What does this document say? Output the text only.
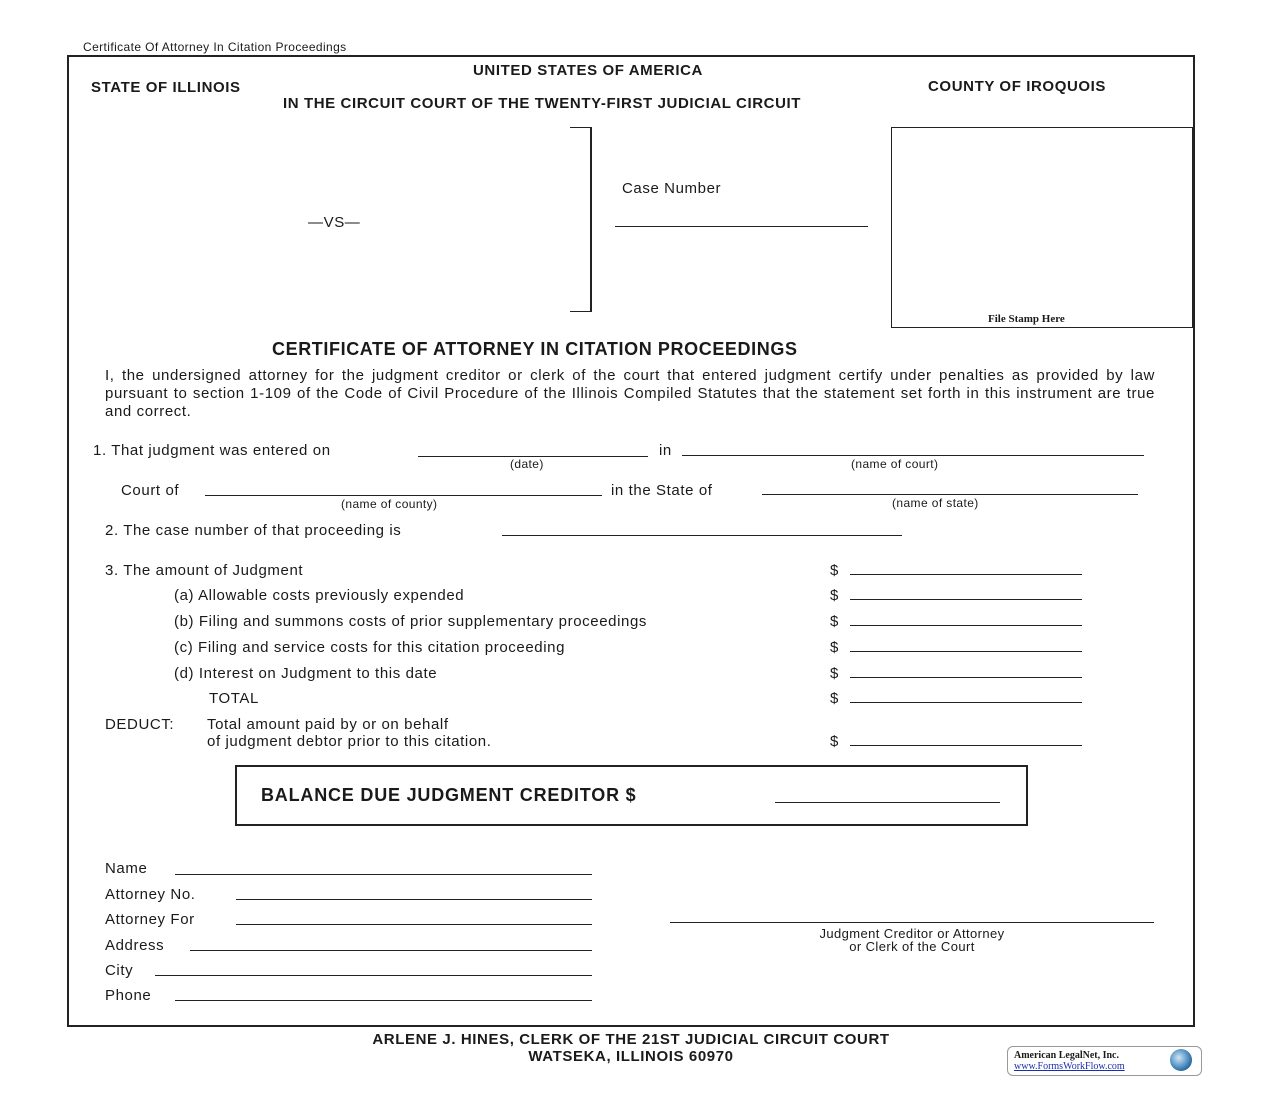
Certificate Of Attorney In Citation Proceedings
UNITED STATES OF AMERICA
STATE OF ILLINOIS	COUNTY OF IROQUOIS
IN THE CIRCUIT COURT OF THE TWENTY-FIRST JUDICIAL CIRCUIT
—VS—
Case Number
File Stamp Here
CERTIFICATE OF ATTORNEY IN CITATION PROCEEDINGS
I, the undersigned attorney for the judgment creditor or clerk of the court that entered judgment certify under penalties as provided by law pursuant to section 1-109 of the Code of Civil Procedure of the Illinois Compiled Statutes that the statement set forth in this instrument are true and correct.
1. That judgment was entered on
(date)
in
(name of court)
Court of
(name of county)
in the State of
(name of state)
2. The case number of that proceeding is
3. The amount of Judgment	$
(a) Allowable costs previously expended	$
(b) Filing and summons costs of prior supplementary proceedings	$
(c) Filing and service costs for this citation proceeding	$
(d) Interest on Judgment to this date	$
TOTAL	$
DEDUCT: Total amount paid by or on behalf
of judgment debtor prior to this citation.	$
BALANCE DUE JUDGMENT CREDITOR $
Name
Attorney No.
Attorney For
Address
City
Phone
Judgment Creditor or Attorney
or Clerk of the Court
ARLENE J. HINES, CLERK OF THE 21ST JUDICIAL CIRCUIT COURT
WATSEKA, ILLINOIS 60970	American LegalNet, Inc.
www.FormsWorkFlow.com
